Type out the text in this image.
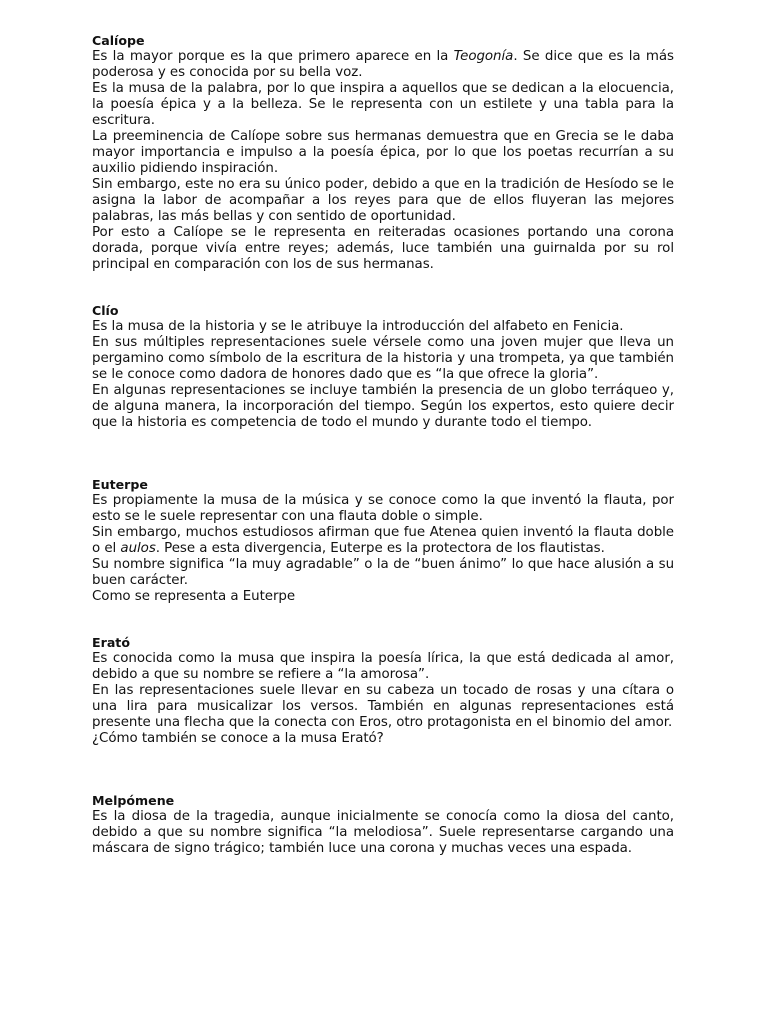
Calíope

Es la mayor porque es la que primero aparece en la Teogonía. Se dice que es la más poderosa y es conocida por su bella voz.

Es la musa de la palabra, por lo que inspira a aquellos que se dedican a la elocuencia, la poesía épica y a la belleza. Se le representa con un estilete y una tabla para la escritura.

La preeminencia de Calíope sobre sus hermanas demuestra que en Grecia se le daba mayor importancia e impulso a la poesía épica, por lo que los poetas recurrían a su auxilio pidiendo inspiración.

Sin embargo, este no era su único poder, debido a que en la tradición de Hesíodo se le asigna la labor de acompañar a los reyes para que de ellos fluyeran las mejores palabras, las más bellas y con sentido de oportunidad.

Por esto a Calíope se le representa en reiteradas ocasiones portando una corona dorada, porque vivía entre reyes; además, luce también una guirnalda por su rol principal en comparación con los de sus hermanas.

Clío

Es la musa de la historia y se le atribuye la introducción del alfabeto en Fenicia.

En sus múltiples representaciones suele vérsele como una joven mujer que lleva un pergamino como símbolo de la escritura de la historia y una trompeta, ya que también se le conoce como dadora de honores dado que es “la que ofrece la gloria”.

En algunas representaciones se incluye también la presencia de un globo terráqueo y, de alguna manera, la incorporación del tiempo. Según los expertos, esto quiere decir que la historia es competencia de todo el mundo y durante todo el tiempo.

Euterpe

Es propiamente la musa de la música y se conoce como la que inventó la flauta, por esto se le suele representar con una flauta doble o simple.

Sin embargo, muchos estudiosos afirman que fue Atenea quien inventó la flauta doble o el aulos. Pese a esta divergencia, Euterpe es la protectora de los flautistas.

Su nombre significa “la muy agradable” o la de “buen ánimo” lo que hace alusión a su buen carácter.

Como se representa a Euterpe

Erató

Es conocida como la musa que inspira la poesía lírica, la que está dedicada al amor, debido a que su nombre se refiere a “la amorosa”.

En las representaciones suele llevar en su cabeza un tocado de rosas y una cítara o una lira para musicalizar los versos. También en algunas representaciones está presente una flecha que la conecta con Eros, otro protagonista en el binomio del amor.

¿Cómo también se conoce a la musa Erató?

Melpómene

Es la diosa de la tragedia, aunque inicialmente se conocía como la diosa del canto, debido a que su nombre significa “la melodiosa”. Suele representarse cargando una máscara de signo trágico; también luce una corona y muchas veces una espada.
